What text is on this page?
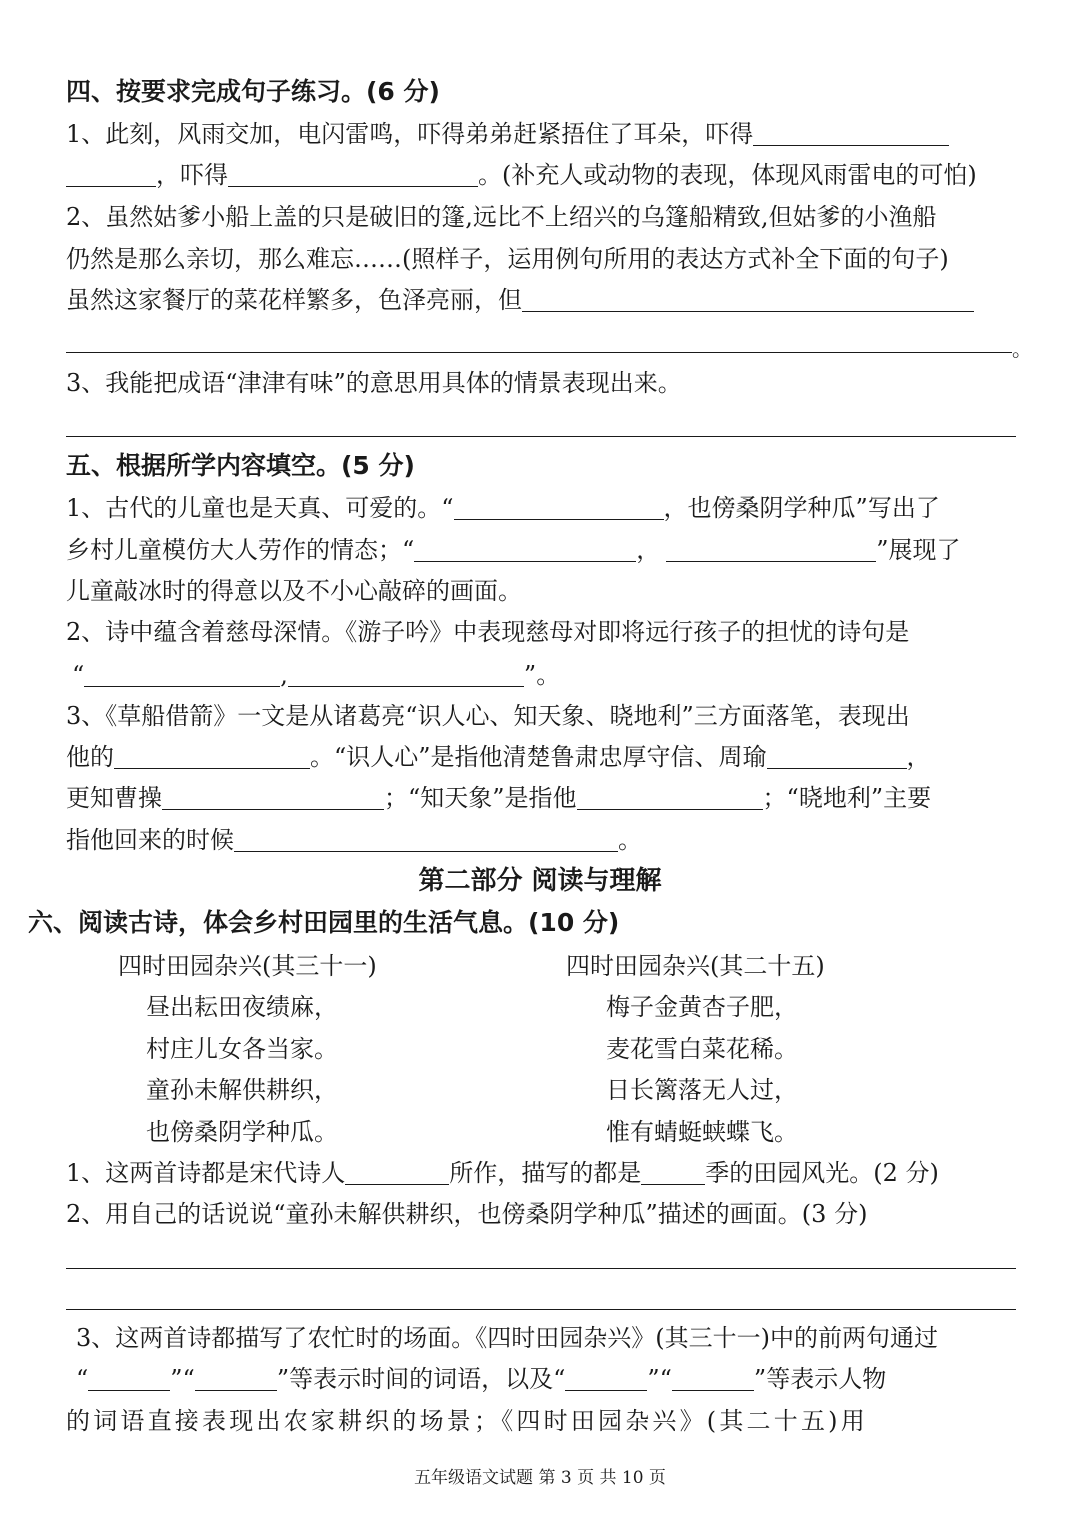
四、按要求完成句子练习。(6 分)
1、此刻，风雨交加，电闪雷鸣，吓得弟弟赶紧捂住了耳朵，吓得
，吓得	。(补充人或动物的表现，体现风雨雷电的可怕)
2、虽然姑爹小船上盖的只是破旧的篷,远比不上绍兴的乌篷船精致,但姑爹的小渔船
仍然是那么亲切，那么难忘……(照样子，运用例句所用的表达方式补全下面的句子)
虽然这家餐厅的菜花样繁多，色泽亮丽，但
。
3、我能把成语“津津有味”的意思用具体的情景表现出来。
五、根据所学内容填空。(5 分)
1、古代的儿童也是天真、可爱的。“	，也傍桑阴学种瓜”写出了
乡村儿童模仿大人劳作的情态；“	，	”展现了
儿童敲冰时的得意以及不小心敲碎的画面。
2、诗中蕴含着慈母深情。《游子吟》中表现慈母对即将远行孩子的担忧的诗句是
“	,	”。
3、《草船借箭》一文是从诸葛亮“识人心、知天象、晓地利”三方面落笔，表现出
他的	。“识人心”是指他清楚鲁肃忠厚守信、周瑜	，
更知曹操	；“知天象”是指他	；“晓地利”主要
指他回来的时候	。
第二部分 阅读与理解
六、阅读古诗，体会乡村田园里的生活气息。(10 分)
四时田园杂兴(其三十一)	四时田园杂兴(其二十五)
昼出耘田夜绩麻，
村庄儿女各当家。
童孙未解供耕织，
也傍桑阴学种瓜。
梅子金黄杏子肥，
麦花雪白菜花稀。
日长篱落无人过，
惟有蜻蜓蛱蝶飞。
1、这两首诗都是宋代诗人	所作，描写的都是	季的田园风光。(2 分)
2、用自己的话说说“童孙未解供耕织，也傍桑阴学种瓜”描述的画面。(3 分)
3、这两首诗都描写了农忙时的场面。《四时田园杂兴》(其三十一)中的前两句通过
“	”“	”等表示时间的词语，以及“	”“	”等表示人物
的词语直接表现出农家耕织的场景；《四时田园杂兴》(其二十五)用
五年级语文试题 第 3 页 共 10 页
